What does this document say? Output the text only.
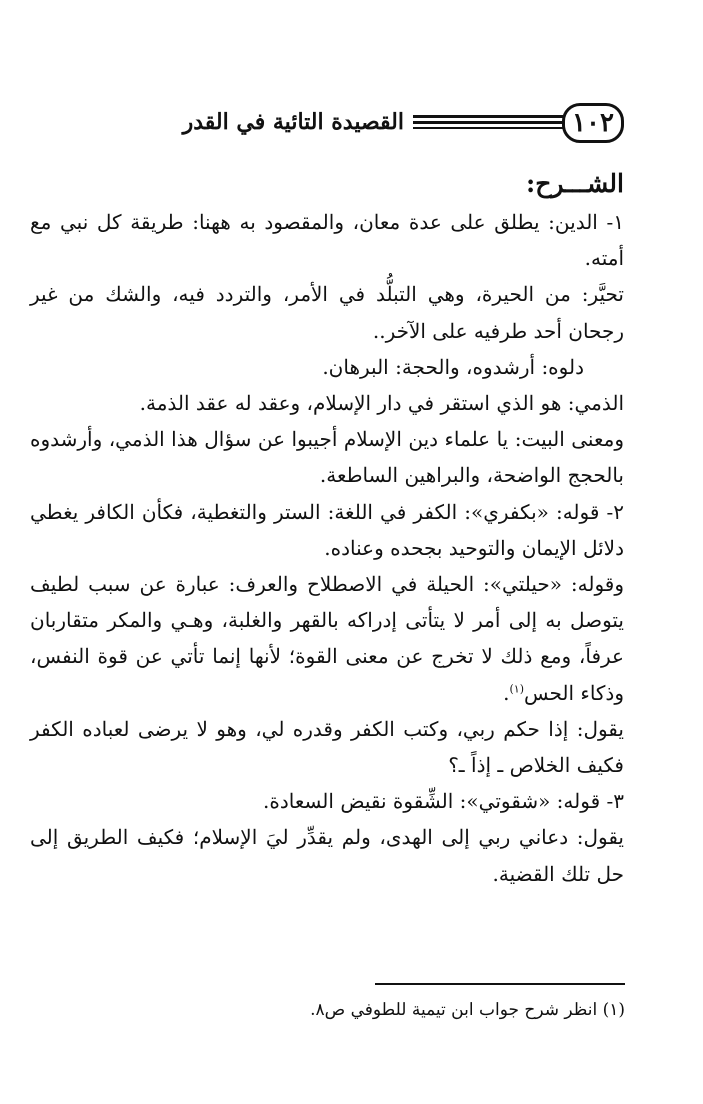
١٠٢
القصيدة التائية في القدر

الشـــرح:

١- الدين: يطلق على عدة معان، والمقصود به ههنا: طريقة كل نبي مع أمته.

تحيَّر: من الحيرة، وهي التبلُّد في الأمر، والتردد فيه، والشك من غير رجحان أحد طرفيه على الآخر..

دلوه: أرشدوه، والحجة: البرهان.

الذمي: هو الذي استقر في دار الإسلام، وعقد له عقد الذمة.

ومعنى البيت: يا علماء دين الإسلام أجيبوا عن سؤال هذا الذمي، وأرشدوه بالحجج الواضحة، والبراهين الساطعة.

٢- قوله: «بكفري»: الكفر في اللغة: الستر والتغطية، فكأن الكافر يغطي دلائل الإيمان والتوحيد بجحده وعناده.

وقوله: «حيلتي»: الحيلة في الاصطلاح والعرف: عبارة عن سبب لطيف يتوصل به إلى أمر لا يتأتى إدراكه بالقهر والغلبة، وهـي والمكر متقاربان عرفاً، ومع ذلك لا تخرج عن معنى القوة؛ لأنها إنما تأتي عن قوة النفس، وذكاء الحس$^{(١)}$.

يقول: إذا حكم ربي، وكتب الكفر وقدره لي، وهو لا يرضى لعباده الكفر فكيف الخلاص ـ إذاً ـ؟

٣- قوله: «شقوتي»: الشِّقوة نقيض السعادة.

يقول: دعاني ربي إلى الهدى، ولم يقدِّر ليَ الإسلام؛ فكيف الطريق إلى حل تلك القضية.

(١) انظر شرح جواب ابن تيمية للطوفي ص٨.
